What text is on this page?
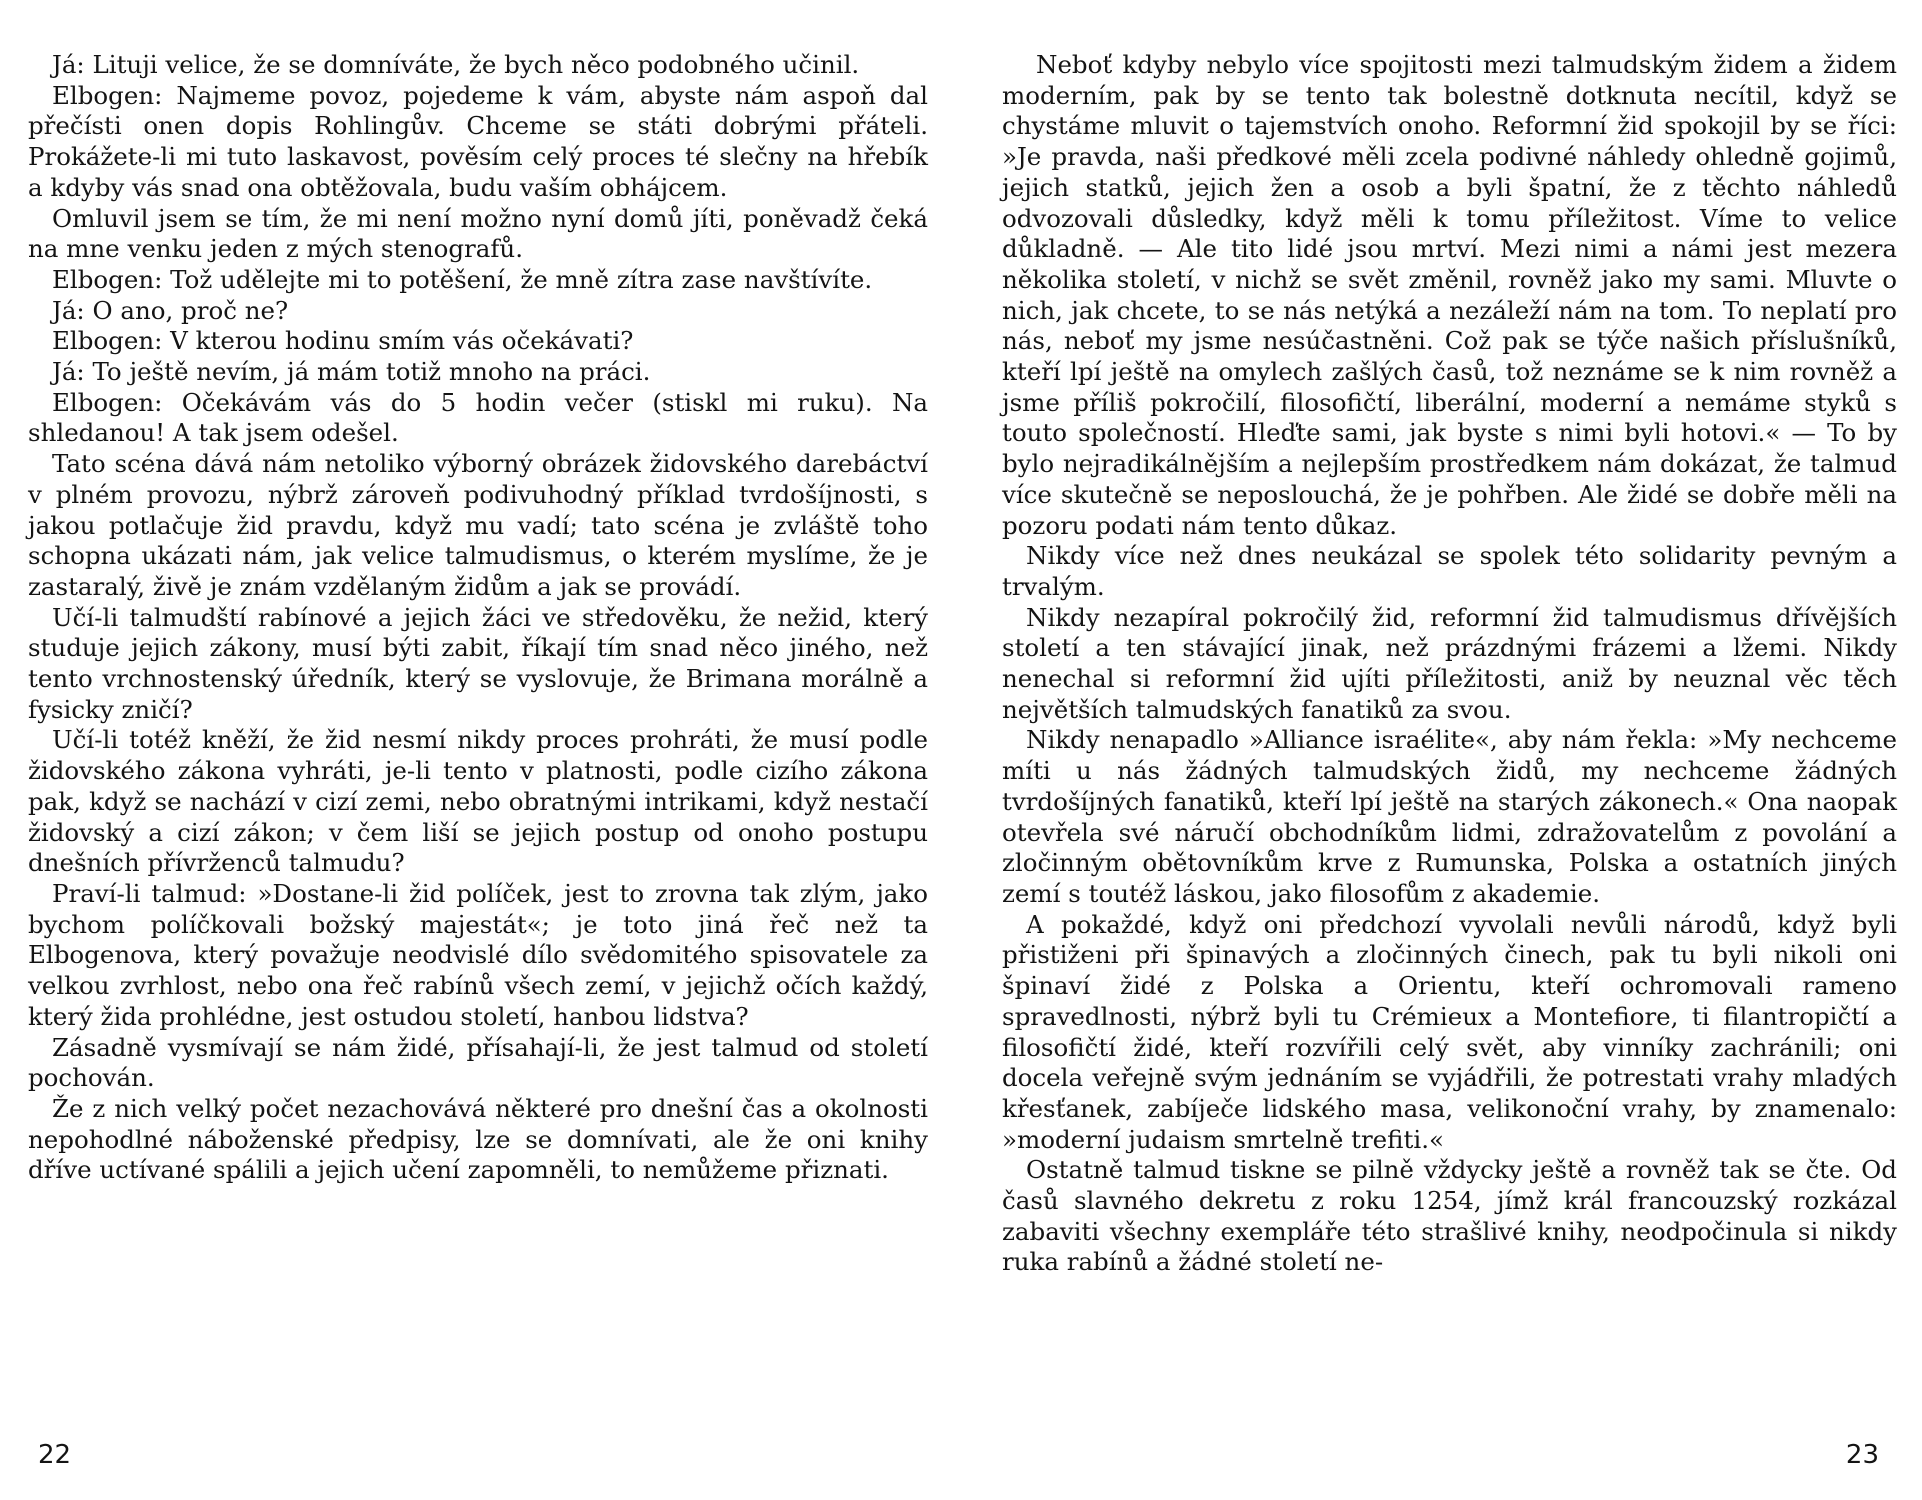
Já: Lituji velice, že se domníváte, že bych něco podobného učinil.

Elbogen: Najmeme povoz, pojedeme k vám, abyste nám aspoň dal přečísti onen dopis Rohlingův. Chceme se státi dobrými přáteli. Prokážete-li mi tuto laskavost, pověsím celý proces té slečny na hřebík a kdyby vás snad ona obtěžovala, budu vaším obhájcem.

Omluvil jsem se tím, že mi není možno nyní domů jíti, poněvadž čeká na mne venku jeden z mých stenografů.

Elbogen: Tož udělejte mi to potěšení, že mně zítra zase navštívíte.

Já: O ano, proč ne?

Elbogen: V kterou hodinu smím vás očekávati?

Já: To ještě nevím, já mám totiž mnoho na práci.

Elbogen: Očekávám vás do 5 hodin večer (stiskl mi ruku). Na shledanou! A tak jsem odešel.

Tato scéna dává nám netoliko výborný obrázek židovského darebáctví v plném provozu, nýbrž zároveň podivuhodný příklad tvrdošíjnosti, s jakou potlačuje žid pravdu, když mu vadí; tato scéna je zvláště toho schopna ukázati nám, jak velice talmudismus, o kterém myslíme, že je zastaralý, živě je znám vzdělaným židům a jak se provádí.

Učí-li talmudští rabínové a jejich žáci ve středověku, že nežid, který studuje jejich zákony, musí býti zabit, říkají tím snad něco jiného, než tento vrchnostenský úředník, který se vyslovuje, že Brimana morálně a fysicky zničí?

Učí-li totéž kněží, že žid nesmí nikdy proces prohráti, že musí podle židovského zákona vyhráti, je-li tento v platnosti, podle cizího zákona pak, když se nachází v cizí zemi, nebo obratnými intrikami, když nestačí židovský a cizí zákon; v čem liší se jejich postup od onoho postupu dnešních přívrženců talmudu?

Praví-li talmud: »Dostane-li žid políček, jest to zrovna tak zlým, jako bychom políčkovali božský majestát«; je toto jiná řeč než ta Elbogenova, který považuje neodvislé dílo svědomitého spisovatele za velkou zvrhlost, nebo ona řeč rabínů všech zemí, v jejichž očích každý, který žida prohlédne, jest ostudou století, hanbou lidstva?

Zásadně vysmívají se nám židé, přísahají-li, že jest talmud od století pochován.

Že z nich velký počet nezachovává některé pro dnešní čas a okolnosti nepohodlné náboženské předpisy, lze se domnívati, ale že oni knihy dříve uctívané spálili a jejich učení zapomněli, to nemůžeme přiznati.

22

Neboť kdyby nebylo více spojitosti mezi talmudským židem a židem moderním, pak by se tento tak bolestně dotknuta necítil, když se chystáme mluvit o tajemstvích onoho. Reformní žid spokojil by se říci: »Je pravda, naši předkové měli zcela podivné náhledy ohledně gojimů, jejich statků, jejich žen a osob a byli špatní, že z těchto náhledů odvozovali důsledky, když měli k tomu příležitost. Víme to velice důkladně. — Ale tito lidé jsou mrtví. Mezi nimi a námi jest mezera několika století, v nichž se svět změnil, rovněž jako my sami. Mluvte o nich, jak chcete, to se nás netýká a nezáleží nám na tom. To neplatí pro nás, neboť my jsme nesúčastněni. Což pak se týče našich příslušníků, kteří lpí ještě na omylech zašlých časů, tož neznáme se k nim rovněž a jsme příliš pokročilí, filosofičtí, liberální, moderní a nemáme styků s touto společností. Hleďte sami, jak byste s nimi byli hotovi.« — To by bylo nejradikálnějším a nejlepším prostředkem nám dokázat, že talmud více skutečně se neposlouchá, že je pohřben. Ale židé se dobře měli na pozoru podati nám tento důkaz.

Nikdy více než dnes neukázal se spolek této solidarity pevným a trvalým.

Nikdy nezapíral pokročilý žid, reformní žid talmudismus dřívějších století a ten stávající jinak, než prázdnými frázemi a lžemi. Nikdy nenechal si reformní žid ujíti příležitosti, aniž by neuznal věc těch největších talmudských fanatiků za svou.

Nikdy nenapadlo »Alliance israélite«, aby nám řekla: »My nechceme míti u nás žádných talmudských židů, my nechceme žádných tvrdošíjných fanatiků, kteří lpí ještě na starých zákonech.« Ona naopak otevřela své náručí obchodníkům lidmi, zdražovatelům z povolání a zločinným obětovníkům krve z Rumunska, Polska a ostatních jiných zemí s toutéž láskou, jako filosofům z akademie.

A pokaždé, když oni předchozí vyvolali nevůli národů, když byli přistiženi při špinavých a zločinných činech, pak tu byli nikoli oni špinaví židé z Polska a Orientu, kteří ochromovali rameno spravedlnosti, nýbrž byli tu Crémieux a Montefiore, ti filantropičtí a filosofičtí židé, kteří rozvířili celý svět, aby vinníky zachránili; oni docela veřejně svým jednáním se vyjádřili, že potrestati vrahy mladých křesťanek, zabíječe lidského masa, velikonoční vrahy, by znamenalo: »moderní judaism smrtelně trefiti.«

Ostatně talmud tiskne se pilně vždycky ještě a rovněž tak se čte. Od časů slavného dekretu z roku 1254, jímž král francouzský rozkázal zabaviti všechny exempláře této strašlivé knihy, neodpočinula si nikdy ruka rabínů a žádné století ne-

23
